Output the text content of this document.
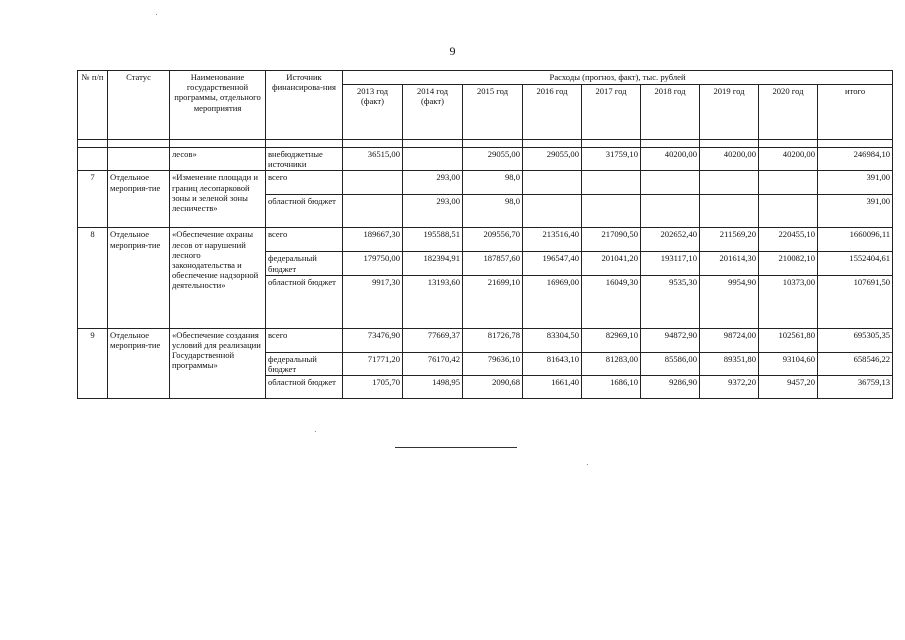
9
№ п/п	Статус	Наименование государственной программы, отдельного мероприятия	Источник финансирова-ния	Расходы (прогноз, факт), тыс. рублей								
				2013 год (факт)	2014 год (факт)	2015 год	2016 год	2017 год	2018 год	2019 год	2020 год	итого

		лесов»	внебюджетные источники	36515,00		29055,00	29055,00	31759,10	40200,00	40200,00	40200,00	246984,10
7	Отдельное мероприя-тие	«Изменение площади и границ лесопарковой зоны и зеленой зоны лесничеств»	всего		293,00	98,0						391,00
			областной бюджет		293,00	98,0						391,00
8	Отдельное мероприя-тие	«Обеспечение охраны лесов от нарушений лесного законодательства и обеспечение надзорной деятельности»	всего	189667,30	195588,51	209556,70	213516,40	217090,50	202652,40	211569,20	220455,10	1660096,11
			федеральный бюджет	179750,00	182394,91	187857,60	196547,40	201041,20	193117,10	201614,30	210082,10	1552404,61
			областной бюджет	9917,30	13193,60	21699,10	16969,00	16049,30	9535,30	9954,90	10373,00	107691,50
9	Отдельное мероприя-тие	«Обеспечение создания условий для реализации Государственной программы»	всего	73476,90	77669,37	81726,78	83304,50	82969,10	94872,90	98724,00	102561,80	695305,35
			федеральный бюджет	71771,20	76170,42	79636,10	81643,10	81283,00	85586,00	89351,80	93104,60	658546,22
			областной бюджет	1705,70	1498,95	2090,68	1661,40	1686,10	9286,90	9372,20	9457,20	36759,13
